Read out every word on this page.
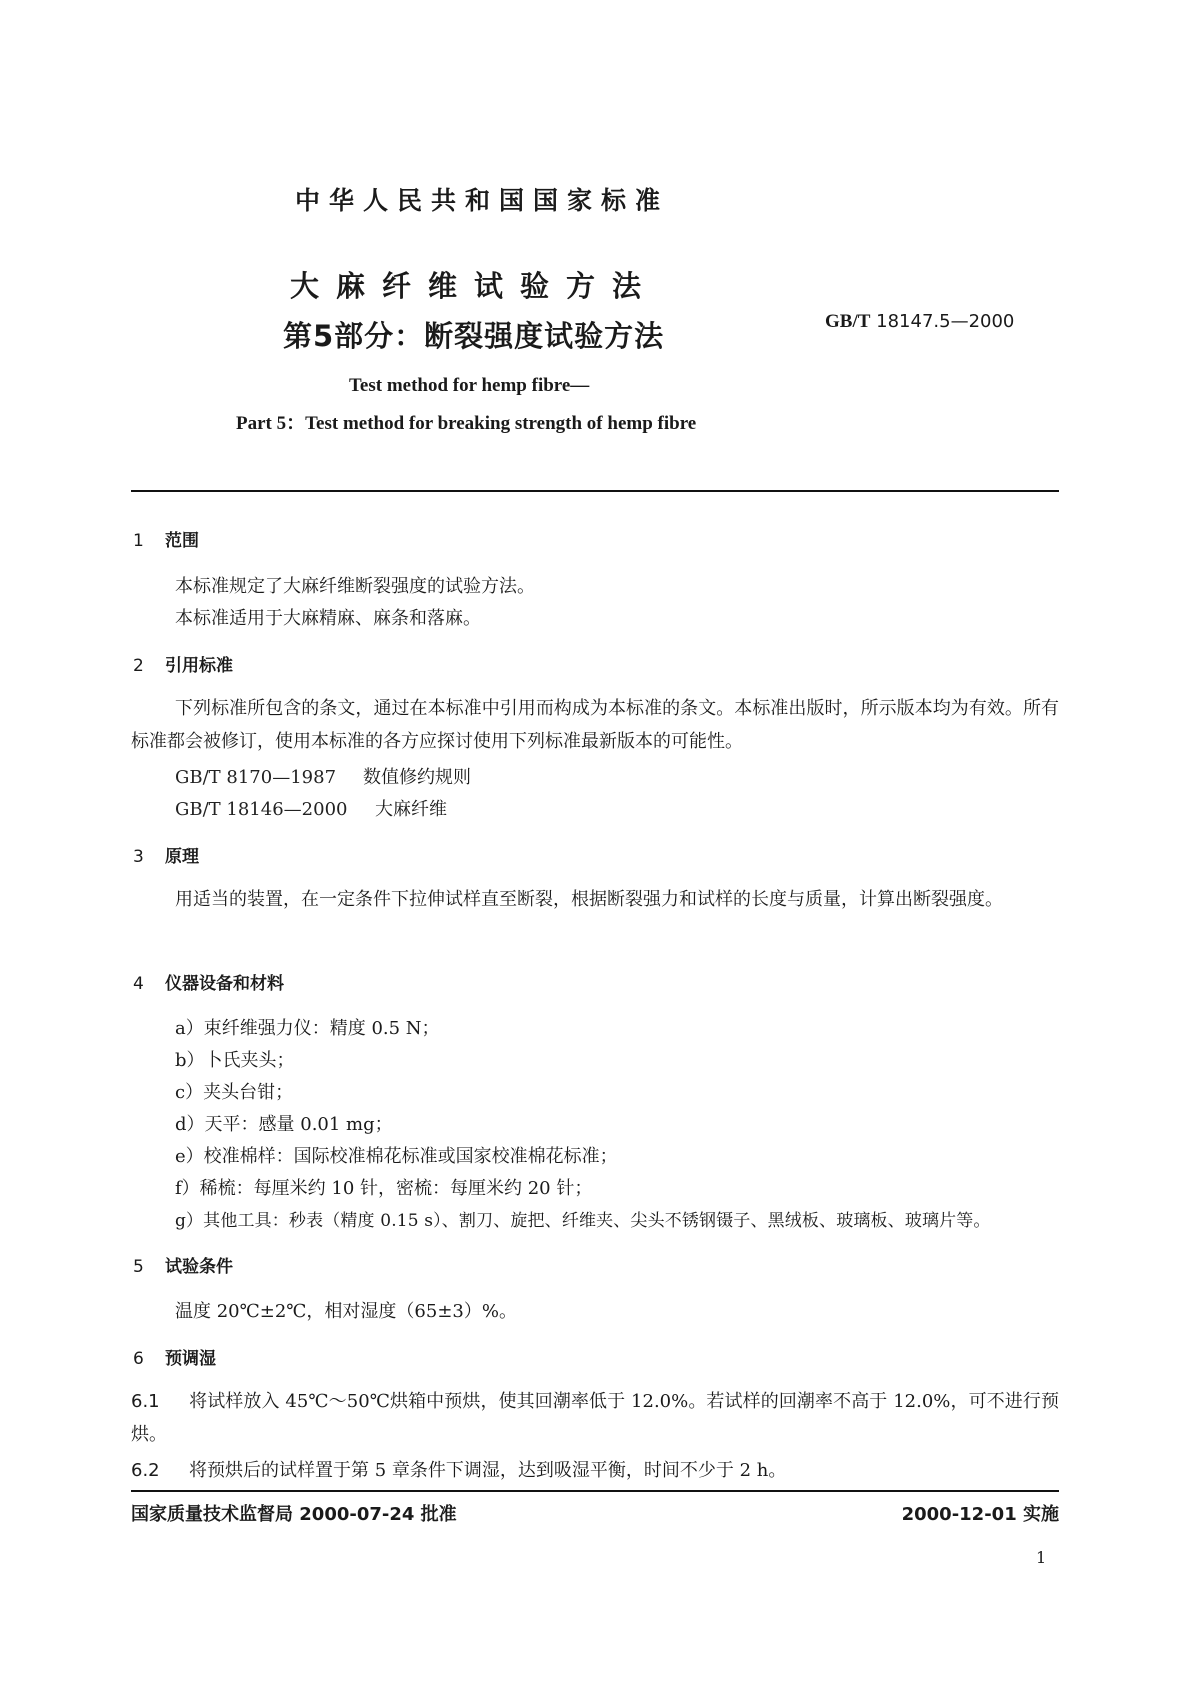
中华人民共和国国家标准
大麻纤维试验方法
第5部分：断裂强度试验方法	GB/T 18147.5—2000
Test method for hemp fibre—
Part 5：Test method for breaking strength of hemp fibre
1 范围
本标准规定了大麻纤维断裂强度的试验方法。
本标准适用于大麻精麻、麻条和落麻。
2 引用标准
下列标准所包含的条文，通过在本标准中引用而构成为本标准的条文。本标准出版时，所示版本均为有效。所有标准都会被修订，使用本标准的各方应探讨使用下列标准最新版本的可能性。
GB/T 8170—1987 数值修约规则
GB/T 18146—2000 大麻纤维
3 原理
用适当的装置，在一定条件下拉伸试样直至断裂，根据断裂强力和试样的长度与质量，计算出断裂强度。
4 仪器设备和材料
a）束纤维强力仪：精度 0.5 N；
b）卜氏夹头；
c）夹头台钳；
d）天平：感量 0.01 mg；
e）校准棉样：国际校准棉花标准或国家校准棉花标准；
f）稀梳：每厘米约 10 针，密梳：每厘米约 20 针；
g）其他工具：秒表（精度 0.15 s）、割刀、旋把、纤维夹、尖头不锈钢镊子、黑绒板、玻璃板、玻璃片等。
5 试验条件
温度 20℃±2℃，相对湿度（65±3）%。
6 预调湿
6.1 将试样放入 45℃～50℃烘箱中预烘，使其回潮率低于 12.0%。若试样的回潮率不高于 12.0%，可不进行预烘。
6.2 将预烘后的试样置于第 5 章条件下调湿，达到吸湿平衡，时间不少于 2 h。
国家质量技术监督局 2000-07-24 批准	2000-12-01 实施
1
